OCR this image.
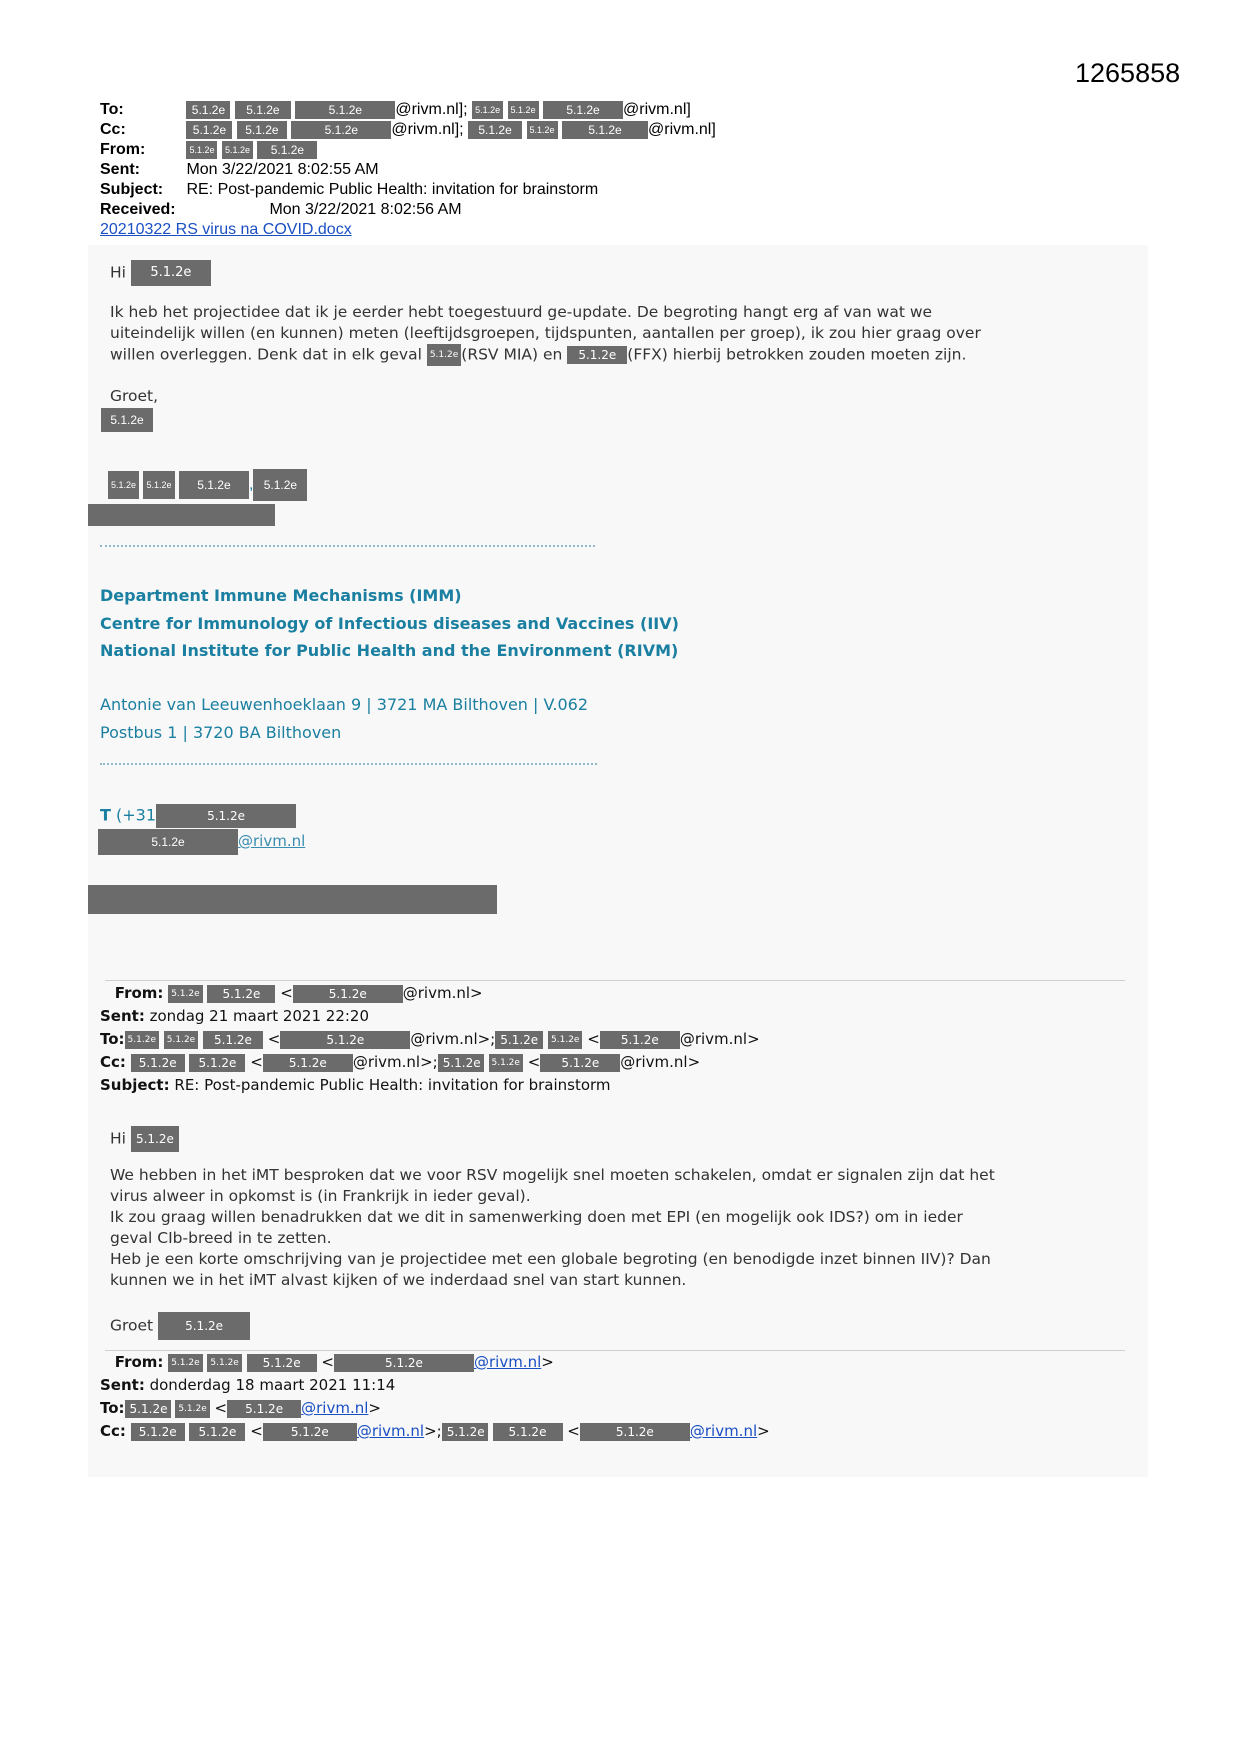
1265858
To:	5.1.2e 5.1.2e	5.1.2e @rivm.nl]; 5.1.2e 5.1.2e	5.1.2e @rivm.nl]
Cc:	5.1.2e 5.1.2e	5.1.2e @rivm.nl]; 5.1.2e 5.1.2e	5.1.2e @rivm.nl]
From:	5.1.2e 5.1.2e 5.1.2e
Sent:	Mon 3/22/2021 8:02:55 AM
Subject: RE: Post-pandemic Public Health: invitation for brainstorm
Received:	Mon 3/22/2021 8:02:56 AM
20210322 RS virus na COVID.docx
Hi 5.1.2e
Ik heb het projectidee dat ik je eerder hebt toegestuurd ge-update. De begroting hangt erg af van wat we
uiteindelijk willen (en kunnen) meten (leeftijdsgroepen, tijdspunten, aantallen per groep), ik zou hier graag over
willen overleggen. Denk dat in elk geval 5.1.2e (RSV MIA) en 5.1.2e (FFX) hierbij betrokken zouden moeten zijn.
Groet,
5.1.2e
5.1.2e 5.1.2e 5.1.2e , 5.1.2e
Department Immune Mechanisms (IMM)
Centre for Immunology of Infectious diseases and Vaccines (IIV)
National Institute for Public Health and the Environment (RIVM)
Antonie van Leeuwenhoeklaan 9 | 3721 MA Bilthoven | V.062
Postbus 1 | 3720 BA Bilthoven
T (+31	5.1.2e
5.1.2e	@rivm.nl
From: 5.1.2e 5.1.2e <	5.1.2e @rivm.nl>
Sent: zondag 21 maart 2021 22:20
To: 5.1.2e 5.1.2e 5.1.2e <	5.1.2e	@rivm.nl>; 5.1.2e 5.1.2e < 5.1.2e @rivm.nl>
Cc: 5.1.2e 5.1.2e < 5.1.2e @rivm.nl>; 5.1.2e 5.1.2e < 5.1.2e @rivm.nl>
Subject: RE: Post-pandemic Public Health: invitation for brainstorm
Hi 5.1.2e
We hebben in het iMT besproken dat we voor RSV mogelijk snel moeten schakelen, omdat er signalen zijn dat het
virus alweer in opkomst is (in Frankrijk in ieder geval).
Ik zou graag willen benadrukken dat we dit in samenwerking doen met EPI (en mogelijk ook IDS?) om in ieder
geval CIb-breed in te zetten.
Heb je een korte omschrijving van je projectidee met een globale begroting (en benodigde inzet binnen IIV)? Dan
kunnen we in het iMT alvast kijken of we inderdaad snel van start kunnen.
Groet	5.1.2e
From: 5.1.2e 5.1.2e 5.1.2e <	5.1.2e	@rivm.nl>
Sent: donderdag 18 maart 2021 11:14
To: 5.1.2e 5.1.2e < 5.1.2e @rivm.nl>
Cc: 5.1.2e 5.1.2e < 5.1.2e @rivm.nl>; 5.1.2e 5.1.2e <	5.1.2e @rivm.nl>
